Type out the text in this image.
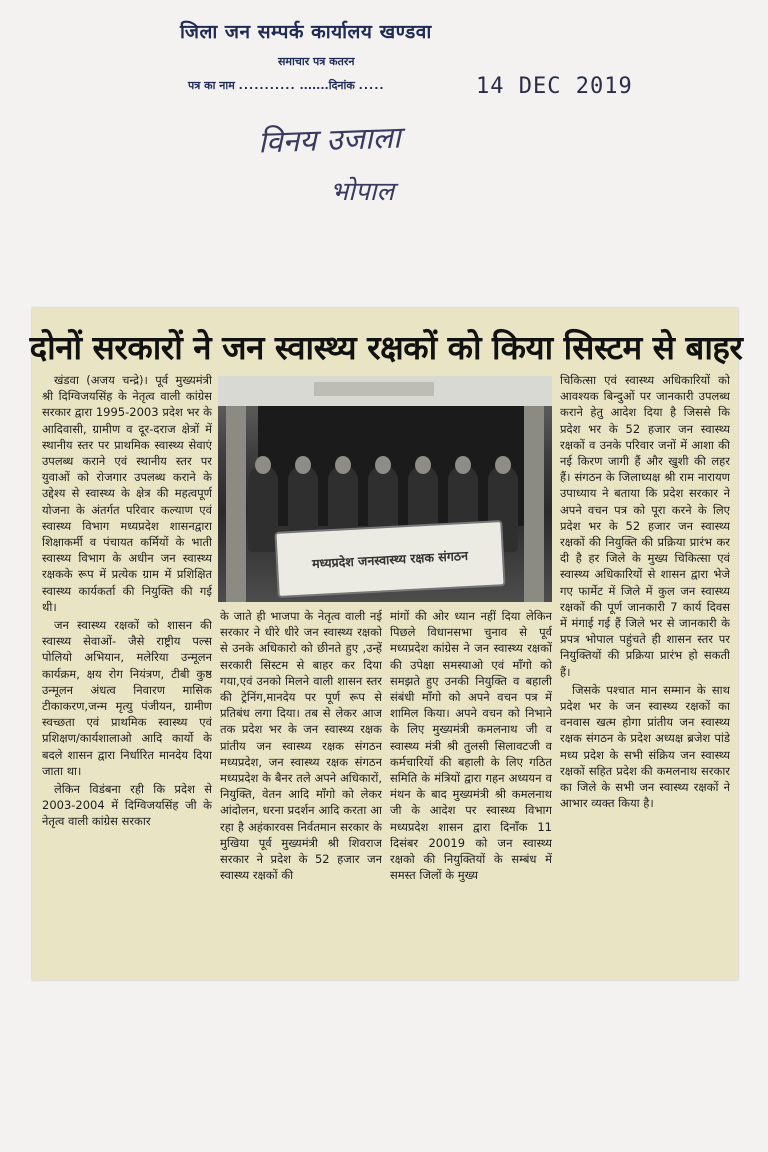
जिला जन सम्पर्क कार्यालय खण्डवा
समाचार पत्र कतरन
पत्र का नाम ........... .......दिनांक .....	14 DEC 2019
विनय उजाला
भोपाल
दोनों सरकारों ने जन स्वास्थ्य रक्षकों को किया सिस्टम से बाहर

खंडवा (अजय चन्द्रे)। पूर्व मुख्यमंत्री श्री दिग्विजयसिंह के नेतृत्व वाली कांग्रेस सरकार द्वारा 1995-2003 प्रदेश भर के आदिवासी, ग्रामीण व दूर-दराज क्षेत्रों में स्थानीय स्तर पर प्राथमिक स्वास्थ्य सेवाएं उपलब्ध कराने एवं स्थानीय स्तर पर युवाओं को रोजगार उपलब्ध कराने के उद्देश्य से स्वास्थ्य के क्षेत्र की महत्वपूर्ण योजना के अंतर्गत परिवार कल्याण एवं स्वास्थ्य विभाग मध्यप्रदेश शासनद्वारा शिक्षाकर्मी व पंचायत कर्मियों के भाती स्वास्थ्य विभाग के अधीन जन स्वास्थ्य रक्षकके रूप में प्रत्येक ग्राम में प्रशिक्षित स्वास्थ्य कार्यकर्ता की नियुक्ति की गई थी।

जन स्वास्थ्य रक्षकों को शासन की स्वास्थ्य सेवाओं- जैसे राष्ट्रीय पल्स पोलियो अभियान, मलेरिया उन्मूलन कार्यक्रम, क्षय रोग नियंत्रण, टीबी कुष्ठ उन्मूलन अंधत्व निवारण मासिक टीकाकरण,जन्म मृत्यु पंजीयन, ग्रामीण स्वच्छता एवं प्राथमिक स्वास्थ्य एवं प्रशिक्षण/कार्यशालाओ आदि कार्यो के बदले शासन द्वारा निर्धारित मानदेय दिया जाता था।

लेकिन विडंबना रही कि प्रदेश से 2003-2004 में दिग्विजयसिंह जी के नेतृत्व वाली कांग्रेस सरकार

मध्यप्रदेश जनस्वास्थ्य रक्षक संगठन

के जाते ही भाजपा के नेतृत्व वाली नई सरकार ने धीरे धीरे जन स्वास्थ्य रक्षको से उनके अधिकारो को छीनते हुए ,उन्हें सरकारी सिस्टम से बाहर कर दिया गया,एवं उनको मिलने वाली शासन स्तर की ट्रेनिंग,मानदेय पर पूर्ण रूप से प्रतिबंध लगा दिया। तब से लेकर आज तक प्रदेश भर के जन स्वास्थ्य रक्षक प्रांतीय जन स्वास्थ्य रक्षक संगठन मध्यप्रदेश, जन स्वास्थ्य रक्षक संगठन मध्यप्रदेश के बैनर तले अपने अधिकारों, नियुक्ति, वेतन आदि मॉंगो को लेकर आंदोलन, धरना प्रदर्शन आदि करता आ रहा है अहंकारवस निर्वतमान सरकार के मुखिया पूर्व मुख्यमंत्री श्री शिवराज सरकार ने प्रदेश के 52 हजार जन स्वास्थ्य रक्षकों की

मांगों की ओर ध्यान नहीं दिया लेकिन पिछले विधानसभा चुनाव से पूर्व मध्यप्रदेश कांग्रेस ने जन स्वास्थ्य रक्षकों की उपेक्षा समस्याओ एवं मॉंगो को समझते हुए उनकी नियुक्ति व बहाली संबंधी मॉंगो को अपने वचन पत्र में शामिल किया। अपने वचन को निभाने के लिए मुख्यमंत्री कमलनाथ जी व स्वास्थ्य मंत्री श्री तुलसी सिलावटजी व कर्मचारियों की बहाली के लिए गठित समिति के मंत्रियों द्वारा गहन अध्ययन व मंथन के बाद मुख्यमंत्री श्री कमलनाथ जी के आदेश पर स्वास्थ्य विभाग मध्यप्रदेश शासन द्वारा दिनॉंक 11 दिसंबर 20019 को जन स्वास्थ्य रक्षको की नियुक्तियों के सम्बंध में समस्त जिलों के मुख्य

चिकित्सा एवं स्वास्थ्य अधिकारियों को आवश्यक बिन्दुओं पर जानकारी उपलब्ध कराने हेतु आदेश दिया है जिससे कि प्रदेश भर के 52 हजार जन स्वास्थ्य रक्षकों व उनके परिवार जनों में आशा की नई किरण जागी हैं और खुशी की लहर हैं। संगठन के जिलाध्यक्ष श्री राम नारायण उपाध्याय ने बताया कि प्रदेश सरकार ने अपने वचन पत्र को पूरा करने के लिए प्रदेश भर के 52 हजार जन स्वास्थ्य रक्षकों की नियुक्ति की प्रक्रिया प्रारंभ कर दी है हर जिले के मुख्य चिकित्सा एवं स्वास्थ्य अधिकारियों से शासन द्वारा भेजे गए फार्मेट में जिले में कुल जन स्वास्थ्य रक्षकों की पूर्ण जानकारी 7 कार्य दिवस में मंगाई गई हैं जिले भर से जानकारी के प्रपत्र भोपाल पहुंचते ही शासन स्तर पर नियुक्तियों की प्रक्रिया प्रारंभ हो सकती हैं।

जिसके पश्चात मान सम्मान के साथ प्रदेश भर के जन स्वास्थ्य रक्षकों का वनवास खत्म होगा प्रांतीय जन स्वास्थ्य रक्षक संगठन के प्रदेश अध्यक्ष ब्रजेश पांडे मध्य प्रदेश के सभी संक्रिय जन स्वास्थ्य रक्षकों सहित प्रदेश की कमलनाथ सरकार का जिले के सभी जन स्वास्थ्य रक्षकों ने आभार व्यक्त किया है।
